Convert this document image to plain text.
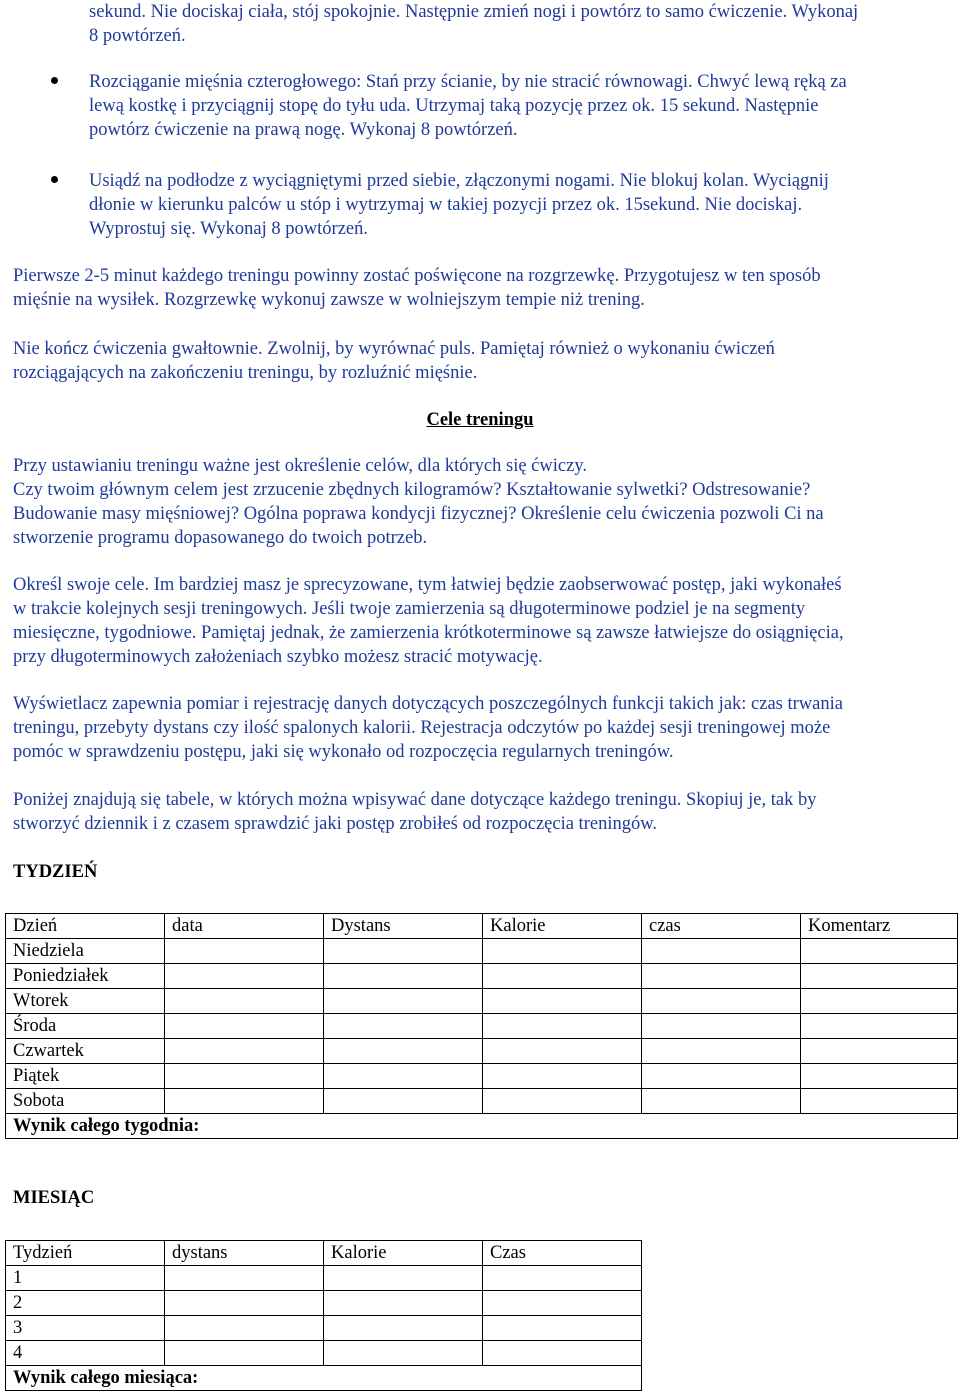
sekund. Nie dociskaj ciała, stój spokojnie. Następnie zmień nogi i powtórz to samo ćwiczenie. Wykonaj
8 powtórzeń.
Rozciąganie mięśnia czterogłowego: Stań przy ścianie, by nie stracić równowagi. Chwyć lewą ręką za
lewą kostkę i przyciągnij stopę do tyłu uda. Utrzymaj taką pozycję przez ok. 15 sekund. Następnie
powtórz ćwiczenie na prawą nogę. Wykonaj 8 powtórzeń.
Usiądź na podłodze z wyciągniętymi przed siebie, złączonymi nogami. Nie blokuj kolan. Wyciągnij
dłonie w kierunku palców u stóp i wytrzymaj w takiej pozycji przez ok. 15sekund. Nie dociskaj.
Wyprostuj się. Wykonaj 8 powtórzeń.
Pierwsze 2-5 minut każdego treningu powinny zostać poświęcone na rozgrzewkę. Przygotujesz w ten sposób
mięśnie na wysiłek. Rozgrzewkę wykonuj zawsze w wolniejszym tempie niż trening.
Nie kończ ćwiczenia gwałtownie. Zwolnij, by wyrównać puls. Pamiętaj również o wykonaniu ćwiczeń
rozciągających na zakończeniu treningu, by rozluźnić mięśnie.
Cele treningu
Przy ustawianiu treningu ważne jest określenie celów, dla których się ćwiczy.
Czy twoim głównym celem jest zrzucenie zbędnych kilogramów? Kształtowanie sylwetki? Odstresowanie?
Budowanie masy mięśniowej? Ogólna poprawa kondycji fizycznej? Określenie celu ćwiczenia pozwoli Ci na
stworzenie programu dopasowanego do twoich potrzeb.
Określ swoje cele. Im bardziej masz je sprecyzowane, tym łatwiej będzie zaobserwować postęp, jaki wykonałeś
w trakcie kolejnych sesji treningowych. Jeśli twoje zamierzenia są długoterminowe podziel je na segmenty
miesięczne, tygodniowe. Pamiętaj jednak, że zamierzenia krótkoterminowe są zawsze łatwiejsze do osiągnięcia,
przy długoterminowych założeniach szybko możesz stracić motywację.
Wyświetlacz zapewnia pomiar i rejestrację danych dotyczących poszczególnych funkcji takich jak: czas trwania
treningu, przebyty dystans czy ilość spalonych kalorii. Rejestracja odczytów po każdej sesji treningowej może
pomóc w sprawdzeniu postępu, jaki się wykonało od rozpoczęcia regularnych treningów.
Poniżej znajdują się tabele, w których można wpisywać dane dotyczące każdego treningu. Skopiuj je, tak by
stworzyć dziennik i z czasem sprawdzić jaki postęp zrobiłeś od rozpoczęcia treningów.
TYDZIEŃ
Dzień	data	Dystans	Kalorie	czas	Komentarz
Niedziela					
Poniedziałek					
Wtorek					
Środa					
Czwartek					
Piątek					
Sobota					
Wynik całego tygodnia:					
MIESIĄC
Tydzień	dystans	Kalorie	Czas
1			
2			
3			
4			
Wynik całego miesiąca:			
